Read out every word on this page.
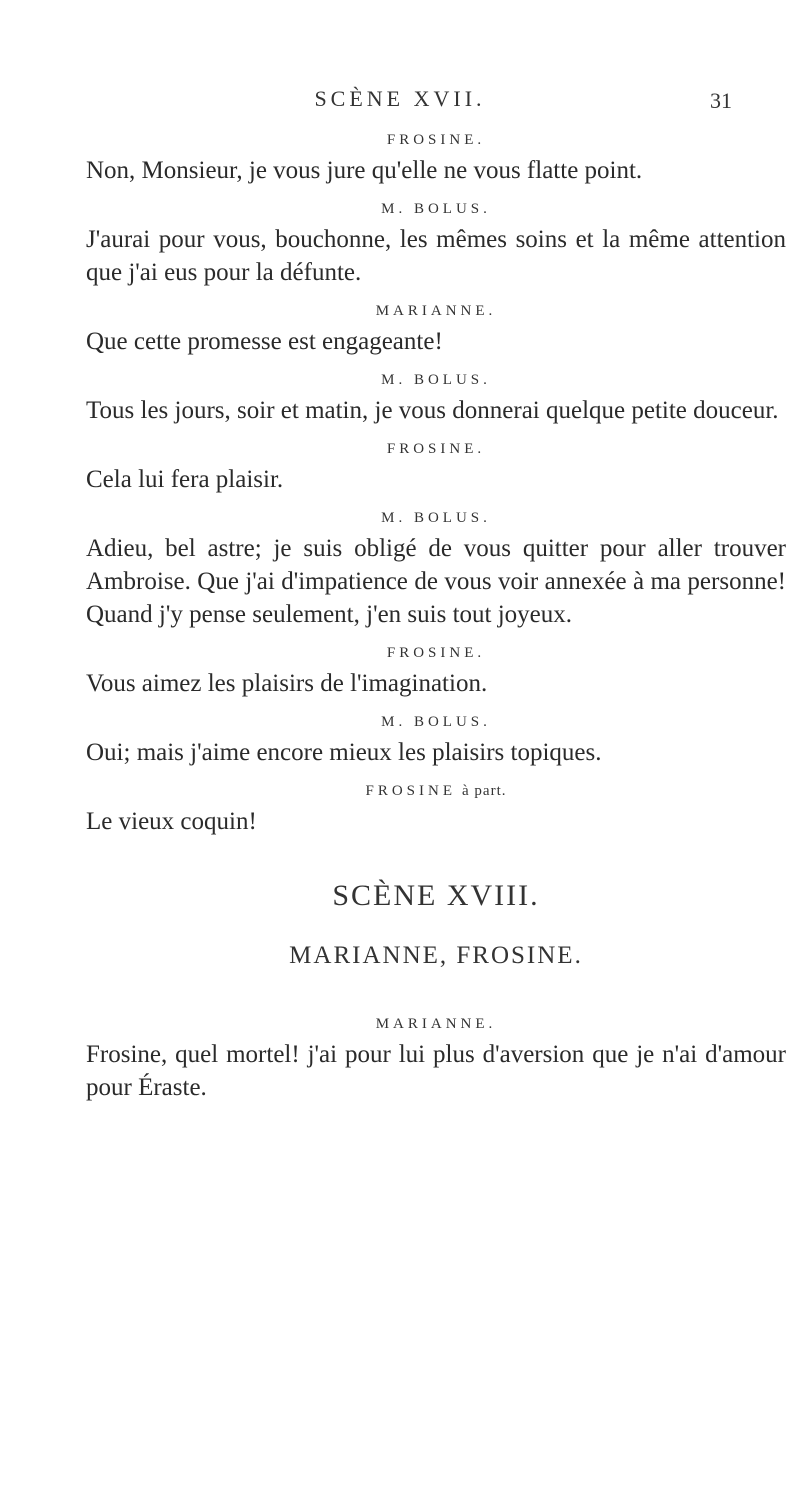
SCÈNE XVII.	31

FROSINE.

Non, Monsieur, je vous jure qu'elle ne vous flatte point.

M. BOLUS.

J'aurai pour vous, bouchonne, les mêmes soins et la même attention que j'ai eus pour la défunte.

MARIANNE.

Que cette promesse est engageante!

M. BOLUS.

Tous les jours, soir et matin, je vous donnerai quelque petite douceur.

FROSINE.

Cela lui fera plaisir.

M. BOLUS.

Adieu, bel astre; je suis obligé de vous quitter pour aller trouver Ambroise. Que j'ai d'impatience de vous voir annexée à ma personne! Quand j'y pense seulement, j'en suis tout joyeux.

FROSINE.

Vous aimez les plaisirs de l'imagination.

M. BOLUS.

Oui; mais j'aime encore mieux les plaisirs topiques.

FROSINE à part.

Le vieux coquin!

SCÈNE XVIII.
MARIANNE, FROSINE.

MARIANNE.

Frosine, quel mortel! j'ai pour lui plus d'aversion que je n'ai d'amour pour Éraste.
